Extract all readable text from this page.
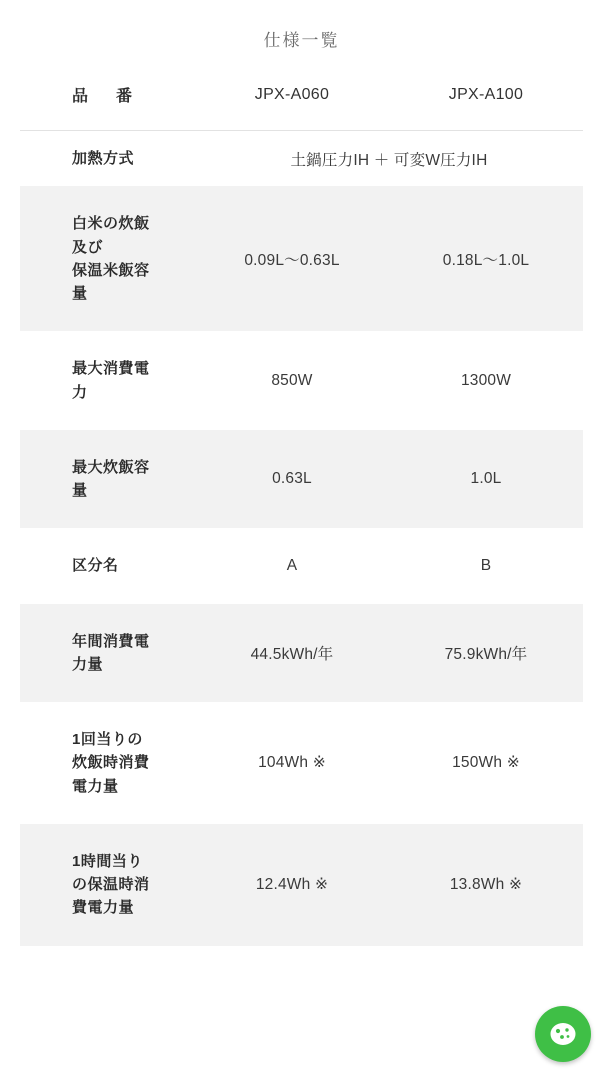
仕様一覧
品　番	JPX-A060	JPX-A100
加熱方式	土鍋圧力IH ＋ 可変W圧力IH	
白米の炊飯
及び
保温米飯容
量	0.09L〜0.63L	0.18L〜1.0L
最大消費電
力	850W	1300W
最大炊飯容
量	0.63L	1.0L
区分名	A	B
年間消費電
力量	44.5kWh/年	75.9kWh/年
1回当りの
炊飯時消費
電力量	104Wh ※	150Wh ※
1時間当り
の保温時消
費電力量	12.4Wh ※	13.8Wh ※
